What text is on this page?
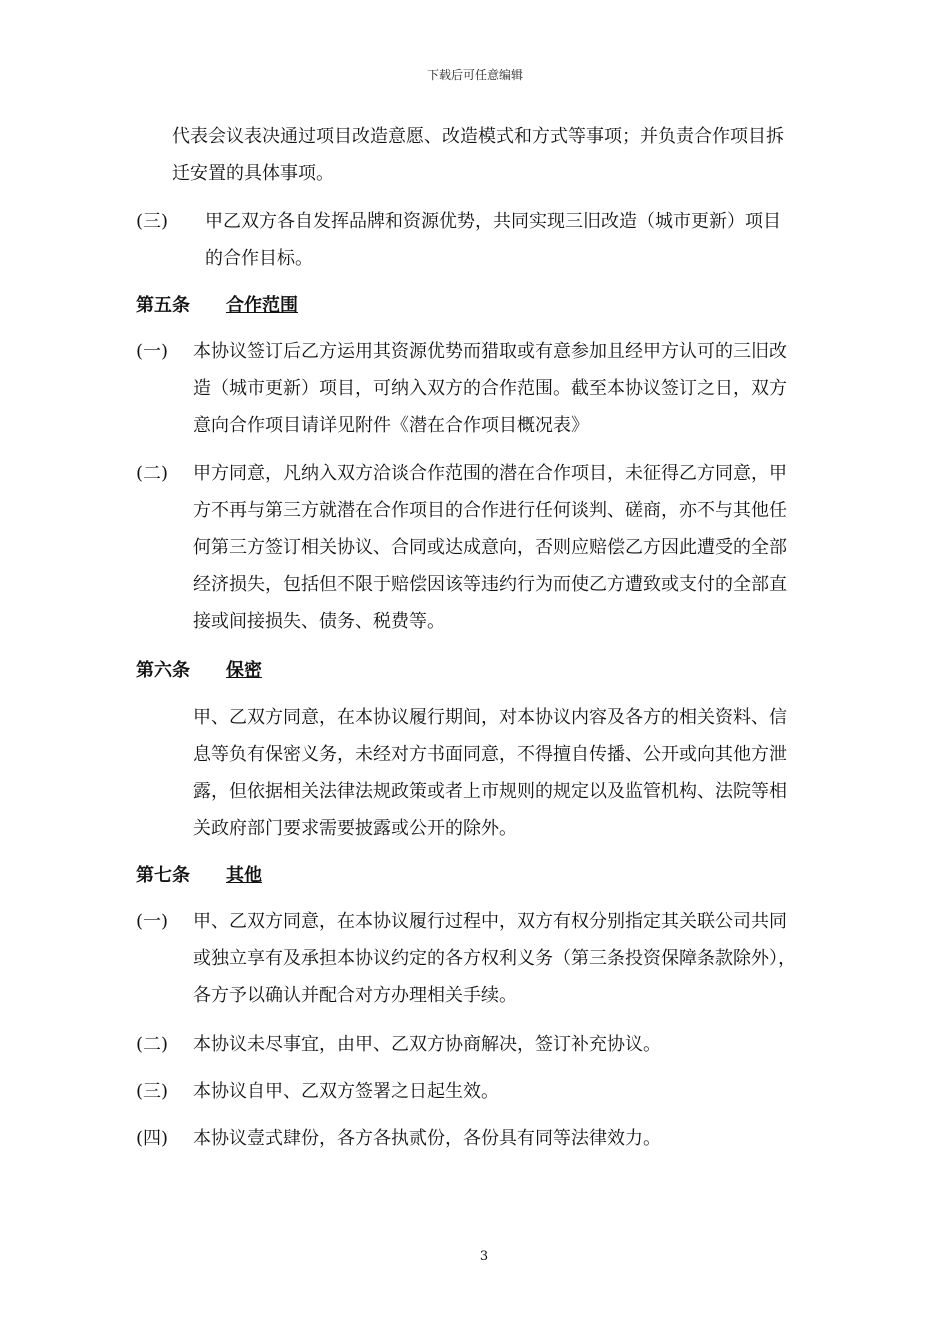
下载后可任意编辑
代表会议表决通过项目改造意愿、改造模式和方式等事项；并负责合作项目拆
迁安置的具体事项。
(三) 甲乙双方各自发挥品牌和资源优势，共同实现三旧改造（城市更新）项目
的合作目标。
第五条 合作范围
(一) 本协议签订后乙方运用其资源优势而猎取或有意参加且经甲方认可的三旧改
造（城市更新）项目，可纳入双方的合作范围。截至本协议签订之日，双方
意向合作项目请详见附件《潜在合作项目概况表》
(二) 甲方同意，凡纳入双方洽谈合作范围的潜在合作项目，未征得乙方同意，甲
方不再与第三方就潜在合作项目的合作进行任何谈判、磋商，亦不与其他任
何第三方签订相关协议、合同或达成意向，否则应赔偿乙方因此遭受的全部
经济损失，包括但不限于赔偿因该等违约行为而使乙方遭致或支付的全部直
接或间接损失、债务、税费等。
第六条 保密
甲、乙双方同意，在本协议履行期间，对本协议内容及各方的相关资料、信
息等负有保密义务，未经对方书面同意，不得擅自传播、公开或向其他方泄
露，但依据相关法律法规政策或者上市规则的规定以及监管机构、法院等相
关政府部门要求需要披露或公开的除外。
第七条 其他
(一) 甲、乙双方同意，在本协议履行过程中，双方有权分别指定其关联公司共同
或独立享有及承担本协议约定的各方权利义务（第三条投资保障条款除外），
各方予以确认并配合对方办理相关手续。
(二) 本协议未尽事宜，由甲、乙双方协商解决，签订补充协议。
(三) 本协议自甲、乙双方签署之日起生效。
(四) 本协议壹式肆份，各方各执贰份，各份具有同等法律效力。
3
